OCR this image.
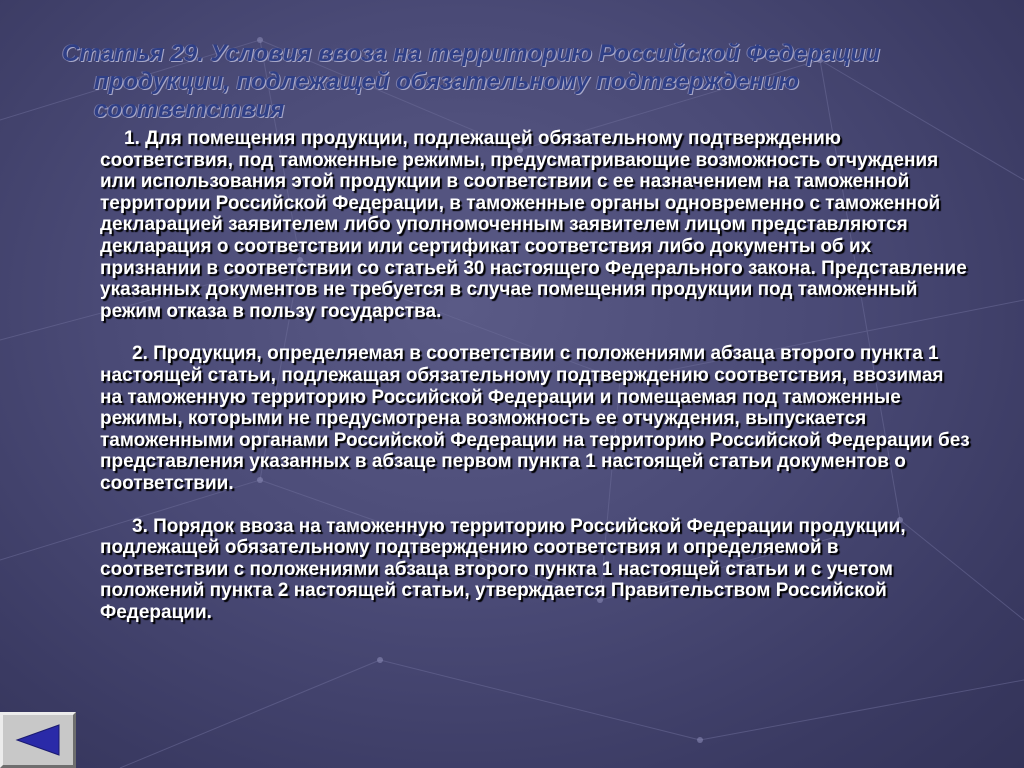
Статья 29. Условия ввоза на территорию Российской Федерации
продукции, подлежащей обязательному подтверждению соответствия

1. Для помещения продукции, подлежащей обязательному подтверждению соответствия, под таможенные режимы, предусматривающие возможность отчуждения или использования этой продукции в соответствии с ее назначением на таможенной территории Российской Федерации, в таможенные органы одновременно с таможенной декларацией заявителем либо уполномоченным заявителем лицом представляются декларация о соответствии или сертификат соответствия либо документы об их признании в соответствии со статьей 30 настоящего Федерального закона. Представление указанных документов не требуется в случае помещения продукции под таможенный режим отказа в пользу государства.

2. Продукция, определяемая в соответствии с положениями абзаца второго пункта 1 настоящей статьи, подлежащая обязательному подтверждению соответствия, ввозимая на таможенную территорию Российской Федерации и помещаемая под таможенные режимы, которыми не предусмотрена возможность ее отчуждения, выпускается таможенными органами Российской Федерации на территорию Российской Федерации без представления указанных в абзаце первом пункта 1 настоящей статьи документов о соответствии.

3. Порядок ввоза на таможенную территорию Российской Федерации продукции, подлежащей обязательному подтверждению соответствия и определяемой в соответствии с положениями абзаца второго пункта 1 настоящей статьи и с учетом положений пункта 2 настоящей статьи, утверждается Правительством Российской Федерации.
